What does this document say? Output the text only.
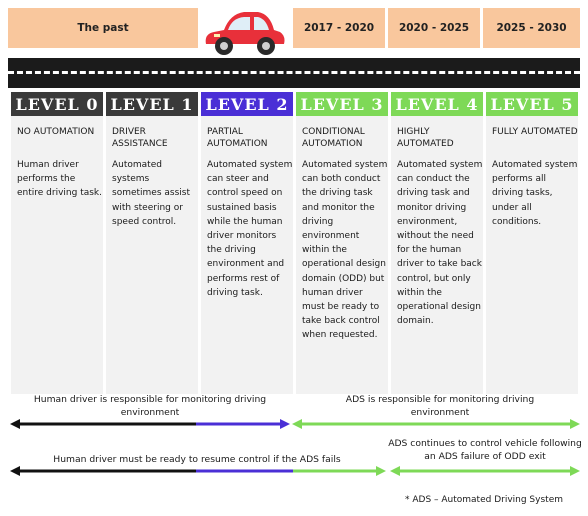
The past	2017 - 2020 2020 - 2025	2025 - 2030
LEVEL 0
NO AUTOMATION
Human driver performs the entire driving task.
LEVEL 1
DRIVER ASSISTANCE
Automated systems sometimes assist with steering or speed control.
LEVEL 2
PARTIAL AUTOMATION
Automated system can steer and control speed on sustained basis while the human driver monitors the driving environment and performs rest of driving task.
LEVEL 3
CONDITIONAL AUTOMATION
Automated system can both conduct the driving task and monitor the driving environment within the operational design domain (ODD) but human driver must be ready to take back control when requested.
LEVEL 4
HIGHLY AUTOMATED
Automated system can conduct the driving task and monitor driving environment, without the need for the human driver to take back control, but only within the operational design domain.
LEVEL 5
FULLY AUTOMATED
Automated system performs all driving tasks, under all conditions.
Human driver is responsible for monitoring driving environment
ADS is responsible for monitoring driving environment
Human driver must be ready to resume control if the ADS fails
ADS continues to control vehicle following an ADS failure of ODD exit
* ADS – Automated Driving System
